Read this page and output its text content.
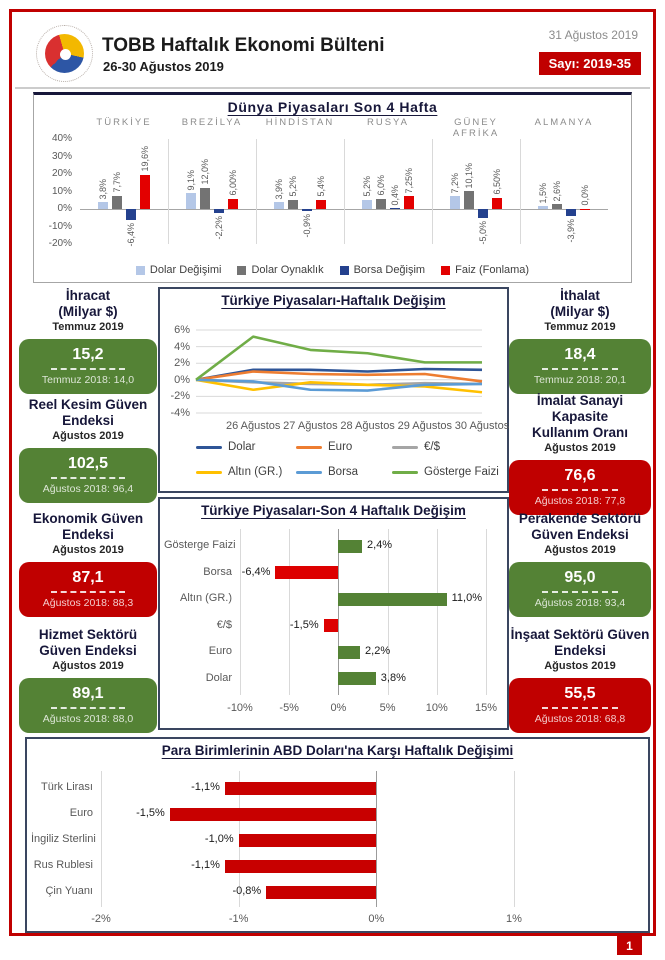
TOBB Haftalık Ekonomi Bülteni
26-30 Ağustos 2019
31 Ağustos 2019
Sayı: 2019-35
Dünya Piyasaları Son 4 Hafta
TÜRKİYE	BREZİLYA	HİNDİSTAN	RUSYA	GÜNEY AFRİKA
ALMANYA
40%
30%
20%
10%
0%
-10%
-20%
3,8%	9,1%	3,9%	5,2%	7,2%	1,5%
7,7%	12,0%
5,2%	6,0%	10,1%
2,6%
-6,4%	-2,2%	-0,9%
0,4%
-5,0%	-3,9%
19,6%
6,00%	5,4%	7,25%	6,50%
0,0%
Dolar Değişimi	Dolar Oynaklık	Borsa Değişim	Faiz (Fonlama)
Türkiye Piyasaları-Haftalık Değişim
6%
4%
2%
0%
-2%
-4%
26 Ağustos 27 Ağustos 28 Ağustos 29 Ağustos 30 Ağustos
Dolar	Euro	€/$
Altın (GR.)	Borsa	Gösterge Faizi
Türkiye Piyasaları-Son 4 Haftalık Değişim
-10% -5%	0%	5%	10% 15%
Gösterge Faizi	2,4%
Borsa -6,4%
Altın (GR.)	11,0%
€/$	-1,5%
Euro	2,2%
Dolar	3,8%
Para Birimlerinin ABD Doları'na Karşı Haftalık Değişimi
-2%	-1%	0%	1%
Türk Lirası	-1,1%
Euro	-1,5%
İngiliz Sterlini	-1,0%
Rus Rublesi	-1,1%
Çin Yuanı	-0,8%
1
İhracat
(Milyar $)
Temmuz 2019
15,2
Temmuz 2018: 14,0
Reel Kesim Güven
Endeksi
Ağustos 2019
102,5
Ağustos 2018: 96,4
Ekonomik Güven
Endeksi
Ağustos 2019
87,1
Ağustos 2018: 88,3
Hizmet Sektörü
Güven Endeksi
Ağustos 2019
89,1
Ağustos 2018: 88,0
İthalat
(Milyar $)
Temmuz 2019
18,4
Temmuz 2018: 20,1
İmalat Sanayi Kapasite
Kullanım Oranı
Ağustos 2019
76,6
Ağustos 2018: 77,8
Perakende Sektörü
Güven Endeksi
Ağustos 2019
95,0
Ağustos 2018: 93,4
İnşaat Sektörü Güven
Endeksi
Ağustos 2019
55,5
Ağustos 2018: 68,8
